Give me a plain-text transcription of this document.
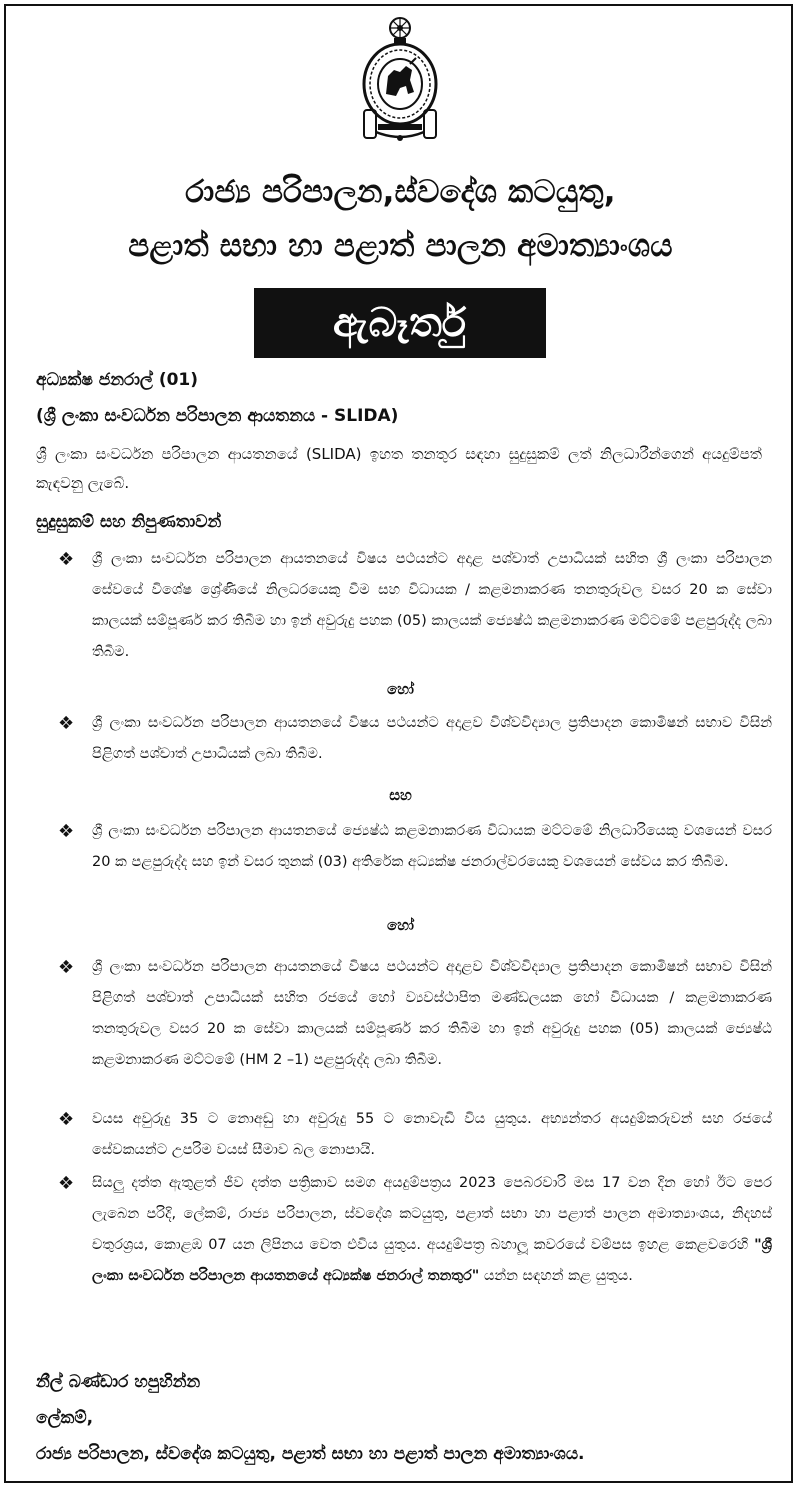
රාජ්‍ය පරිපාලන,ස්වදේශ කටයුතු,
පළාත් සභා හා පළාත් පාලන අමාත්‍යාංශය
ඇබෑර්තු
අධ්‍යක්ෂ ජනරාල් (01)
(ශ්‍රී ලංකා සංවර්ධන පරිපාලන ආයතනය - SLIDA)
ශ්‍රී ලංකා සංවර්ධන පරිපාලන ආයතනයේ (SLIDA) ඉහත තනතුර සඳහා සුදුසුකම් ලත් නිලධාරීන්ගෙන් අයදුම්පත් කැඳවනු ලැබේ.
සුදුසුකම් සහ නිපුණතාවන්
❖	ශ්‍රී ලංකා සංවර්ධන පරිපාලන ආයතනයේ විෂය පථයන්ට අදාළ පශ්චාත් උපාධියක් සහිත ශ්‍රී ලංකා පරිපාලන සේවයේ විශේෂ ශ්‍රේණියේ නිලධරයෙකු වීම සහ විධායක / කළමනාකරණ තනතුරුවල වසර 20 ක සේවා කාලයක් සම්පූර්ණ කර තිබීම හා ඉන් අවුරුදු පහක (05) කාලයක් ජ්‍යෙෂ්ඨ කළමනාකරණ මට්ටමේ පළපුරුද්ද ලබා තිබීම.
හෝ
❖	ශ්‍රී ලංකා සංවර්ධන පරිපාලන ආයතනයේ විෂය පථයන්ට අදාළව විශ්වවිද්‍යාල ප්‍රතිපාදන කොමිෂන් සභාව විසින් පිළිගත් පශ්චාත් උපාධියක් ලබා තිබීම.
සහ
❖	ශ්‍රී ලංකා සංවර්ධන පරිපාලන ආයතනයේ ජ්‍යෙෂ්ඨ කළමනාකරණ විධායක මට්ටමේ නිලධාරියෙකු වශයෙන් වසර 20 ක පළපුරුද්ද සහ ඉන් වසර තුනක් (03) අතිරේක අධ්‍යක්ෂ ජනරාල්වරයෙකු වශයෙන් සේවය කර තිබීම.
හෝ
❖	ශ්‍රී ලංකා සංවර්ධන පරිපාලන ආයතනයේ විෂය පථයන්ට අදාළව විශ්වවිද්‍යාල ප්‍රතිපාදන කොමිෂන් සභාව විසින් පිළිගත් පශ්චාත් උපාධියක් සහිත රජයේ හෝ ව්‍යවස්ථාපිත මණ්ඩලයක හෝ විධායක / කළමනාකරණ තනතුරුවල වසර 20 ක සේවා කාලයක් සම්පූර්ණ කර තිබීම හා ඉන් අවුරුදු පහක (05) කාලයක් ජ්‍යෙෂ්ඨ කළමනාකරණ මට්ටමේ (HM 2 –1) පළපුරුද්ද ලබා තිබීම.
❖	වයස අවුරුදු 35 ට නොඅඩු හා අවුරුදු 55 ට නොවැඩි විය යුතුය. අභ්‍යන්තර අයදුම්කරුවන් සහ රජයේ සේවකයන්ට උපරිම වයස් සීමාව බල නොපායි.
❖	සියලු දත්ත ඇතුළත් ජීව දත්ත පත්‍රිකාව සමග අයදුම්පත්‍රය 2023 පෙබරවාරි මස 17 වන දින හෝ ඊට පෙර ලැබෙන පරිදි, ලේකම්, රාජ්‍ය පරිපාලන, ස්වදේශ කටයුතු, පළාත් සභා හා පළාත් පාලන අමාත්‍යාංශය, නිදහස් චතුරශ්‍රය, කොළඹ 07 යන ලිපිනය වෙත එවිය යුතුය. අයදුම්පත්‍ර බහාලූ කවරයේ වම්පස ඉහළ කෙළවරෙහි "ශ්‍රී ලංකා සංවර්ධන පරිපාලන ආයතනයේ අධ්‍යක්ෂ ජනරාල් තනතුර" යන්න සඳහන් කළ යුතුය.
නීල් බණ්ඩාර හපුහින්න
ලේකම්,
රාජ්‍ය පරිපාලන, ස්වදේශ කටයුතු, පළාත් සභා හා පළාත් පාලන අමාත්‍යාංශය.
